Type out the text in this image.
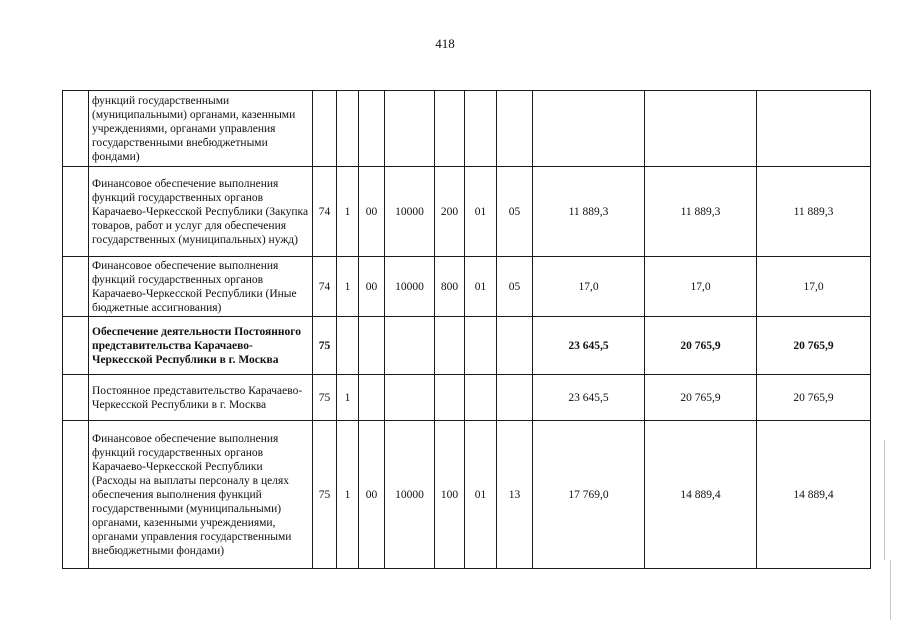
418
	функций государственными (муниципальными) органами, казенными учреждениями, органами управления государственными внебюджетными фондами)										
	Финансовое обеспечение выполнения функций государственных органов Карачаево-Черкесской Республики (Закупка товаров, работ и услуг для обеспечения государственных (муниципальных) нужд)	74	1	00	10000	200	01	05	11 889,3	11 889,3	11 889,3
	Финансовое обеспечение выполнения функций государственных органов Карачаево-Черкесской Республики (Иные бюджетные ассигнования)	74	1	00	10000	800	01	05	17,0	17,0	17,0
	Обеспечение деятельности Постоянного представительства Карачаево-Черкесской Республики в г. Москва	75							23 645,5	20 765,9	20 765,9
	Постоянное представительство Карачаево-Черкесской Республики в г. Москва	75	1						23 645,5	20 765,9	20 765,9
	Финансовое обеспечение выполнения функций государственных органов Карачаево-Черкесской Республики (Расходы на выплаты персоналу в целях обеспечения выполнения функций государственными (муниципальными) органами, казенными учреждениями, органами управления государственными внебюджетными фондами)	75	1	00	10000	100	01	13	17 769,0	14 889,4	14 889,4
